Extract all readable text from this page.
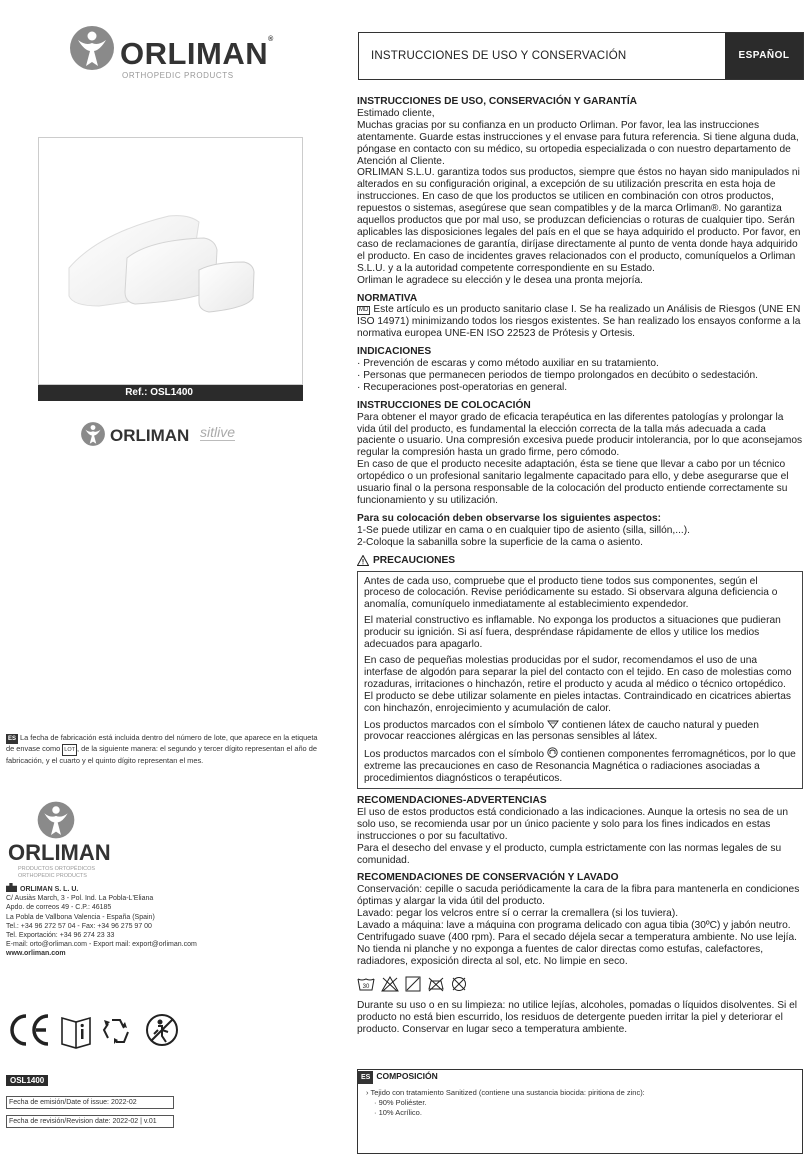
ORLIMAN®
ORTHOPEDIC PRODUCTS
Ref.: OSL1400
ORLIMAN sitlive
ES La fecha de fabricación está incluida dentro del número de lote, que aparece en la etiqueta de envase como LOT , de la siguiente manera: el segundo y tercer dígito representan el año de fabricación, y el cuarto y el quinto dígito representan el mes.
ORLIMAN
PRODUCTOS ORTOPÉDICOS
ORTHOPEDIC PRODUCTS
ORLIMAN S. L. U.
C/ Ausiàs March, 3 - Pol. Ind. La Pobla-L'Eliana
Apdo. de correos 49 - C.P.: 46185
La Pobla de Vallbona Valencia - España (Spain)
Tel.: +34 96 272 57 04 - Fax: +34 96 275 97 00
Tel. Exportación: +34 96 274 23 33
E-mail: orto@orliman.com - Export mail: export@orliman.com
www.orliman.com
OSL1400
Fecha de emisión/Date of issue: 2022-02
Fecha de revisión/Revision date: 2022-02 | v.01
INSTRUCCIONES DE USO Y CONSERVACIÓN	ESPAÑOL

INSTRUCCIONES DE USO, CONSERVACIÓN Y GARANTÍA

Estimado cliente,

Muchas gracias por su confianza en un producto Orliman. Por favor, lea las instrucciones atentamente. Guarde estas instrucciones y el envase para futura referencia. Si tiene alguna duda, póngase en contacto con su médico, su ortopedia especializada o con nuestro departamento de Atención al Cliente.

ORLIMAN S.L.U. garantiza todos sus productos, siempre que éstos no hayan sido manipulados ni alterados en su configuración original, a excepción de su utilización prescrita en esta hoja de instrucciones. En caso de que los productos se utilicen en combinación con otros productos, repuestos o sistemas, asegúrese que sean compatibles y de la marca Orliman®. No garantiza aquellos productos que por mal uso, se produzcan deficiencias o roturas de cualquier tipo. Serán aplicables las disposiciones legales del país en el que se haya adquirido el producto. Por favor, en caso de reclamaciones de garantía, diríjase directamente al punto de venta donde haya adquirido el producto. En caso de incidentes graves relacionados con el producto, comuníquelos a Orliman S.L.U. y a la autoridad competente correspondiente en su Estado.

Orliman le agradece su elección y le desea una pronta mejoría.

NORMATIVA

MD Este artículo es un producto sanitario clase I. Se ha realizado un Análisis de Riesgos (UNE EN ISO 14971) minimizando todos los riesgos existentes. Se han realizado los ensayos conforme a la normativa europea UNE-EN ISO 22523 de Prótesis y Ortesis.

INDICACIONES

· Prevención de escaras y como método auxiliar en su tratamiento.
· Personas que permanecen periodos de tiempo prolongados en decúbito o sedestación.
· Recuperaciones post-operatorias en general.

INSTRUCCIONES DE COLOCACIÓN

Para obtener el mayor grado de eficacia terapéutica en las diferentes patologías y prolongar la vida útil del producto, es fundamental la elección correcta de la talla más adecuada a cada paciente o usuario. Una compresión excesiva puede producir intolerancia, por lo que aconsejamos regular la compresión hasta un grado firme, pero cómodo.

En caso de que el producto necesite adaptación, ésta se tiene que llevar a cabo por un técnico ortopédico o un profesional sanitario legalmente capacitado para ello, y debe asegurarse que el usuario final o la persona responsable de la colocación del producto entiende correctamente su funcionamiento y su utilización.

Para su colocación deben observarse los siguientes aspectos:

1-Se puede utilizar en cama o en cualquier tipo de asiento (silla, sillón,...).

2-Coloque la sabanilla sobre la superficie de la cama o asiento.

PRECAUCIONES

Antes de cada uso, compruebe que el producto tiene todos sus componentes, según el proceso de colocación. Revise periódicamente su estado. Si observara alguna deficiencia o anomalía, comuníquelo inmediatamente al establecimiento expendedor.

El material constructivo es inflamable. No exponga los productos a situaciones que pudieran producir su ignición. Si así fuera, despréndase rápidamente de ellos y utilice los medios adecuados para apagarlo.

En caso de pequeñas molestias producidas por el sudor, recomendamos el uso de una interfase de algodón para separar la piel del contacto con el tejido. En caso de molestias como rozaduras, irritaciones o hinchazón, retire el producto y acuda al médico o técnico ortopédico. El producto se debe utilizar solamente en pieles intactas. Contraindicado en cicatrices abiertas con hinchazón, enrojecimiento y acumulación de calor.

Los productos marcados con el símbolo contienen látex de caucho natural y pueden provocar reacciones alérgicas en las personas sensibles al látex.

Los productos marcados con el símbolo contienen componentes ferromagnéticos, por lo que extreme las precauciones en caso de Resonancia Magnética o radiaciones asociadas a procedimientos diagnósticos o terapéuticos.

RECOMENDACIONES-ADVERTENCIAS

El uso de estos productos está condicionado a las indicaciones. Aunque la ortesis no sea de un solo uso, se recomienda usar por un único paciente y solo para los fines indicados en estas instrucciones o por su facultativo.

Para el desecho del envase y el producto, cumpla estrictamente con las normas legales de su comunidad.

RECOMENDACIONES DE CONSERVACIÓN Y LAVADO

Conservación: cepille o sacuda periódicamente la cara de la fibra para mantenerla en condiciones óptimas y alargar la vida útil del producto.

Lavado: pegar los velcros entre sí o cerrar la cremallera (si los tuviera).

Lavado a máquina: lave a máquina con programa delicado con agua tibia (30ºC) y jabón neutro. Centrifugado suave (400 rpm). Para el secado déjela secar a temperatura ambiente. No use lejía. No tienda ni planche y no exponga a fuentes de calor directas como estufas, calefactores, radiadores, exposición directa al sol, etc. No limpie en seco.

30

Durante su uso o en su limpieza: no utilice lejías, alcoholes, pomadas o líquidos disolventes. Si el producto no está bien escurrido, los residuos de detergente pueden irritar la piel y deteriorar el producto. Conservar en lugar seco a temperatura ambiente.

ES COMPOSICIÓN
› Tejido con tratamiento Sanitized (contiene una sustancia biocida: piritiona de zinc):
· 90% Poliéster.
· 10% Acrílico.
